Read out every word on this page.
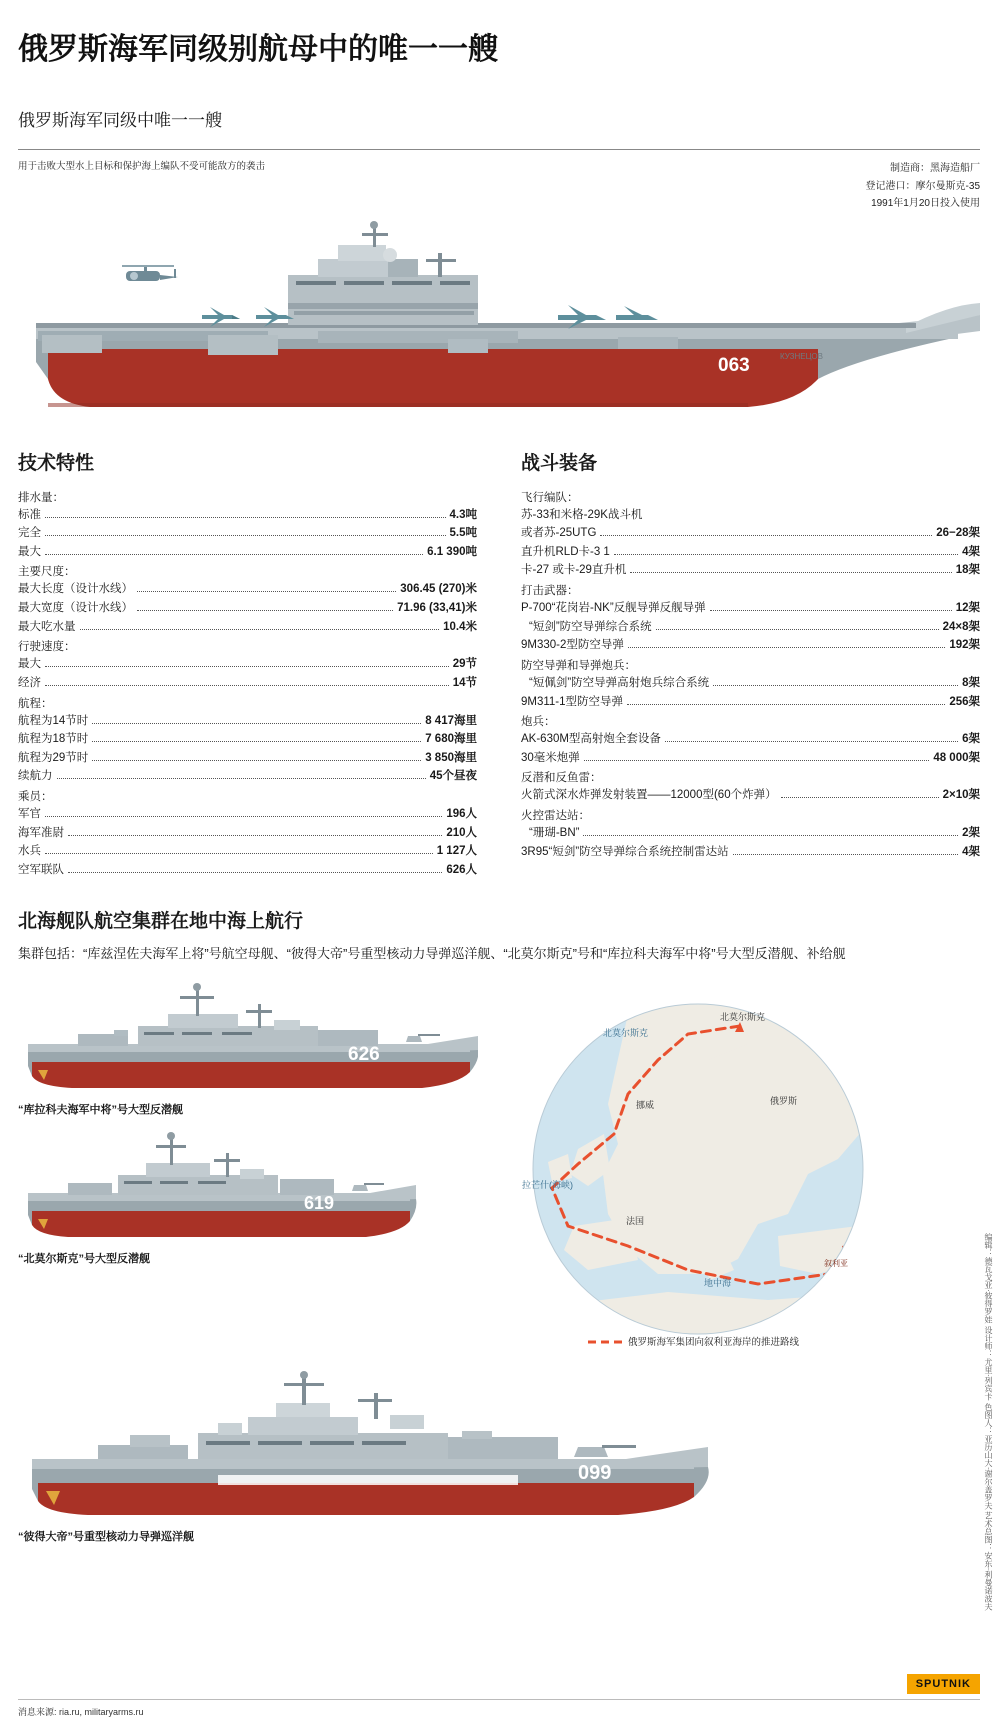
俄罗斯海军同级别航母中的唯一一艘
俄罗斯海军同级中唯一一艘
用于击败大型水上目标和保护海上编队不受可能敌方的袭击	制造商：黑海造船厂
登记港口：摩尔曼斯克-35
1991年1月20日投入使用
063	КУЗНЕЦОВ
技术特性
排水量：
标准	4.3吨
完全	5.5吨
最大	6.1 390吨
主要尺度：
最大长度（设计水线）	306.45 (270)米
最大宽度（设计水线）	71.96 (33,41)米
最大吃水量	10.4米
行驶速度：
最大	29节
经济	14节
航程：
航程为14节时	8 417海里
航程为18节时	7 680海里
航程为29节时	3 850海里
续航力	45个昼夜
乘员：
军官	196人
海军准尉	210人
水兵	1 127人
空军联队	626人
战斗装备
飞行编队：
苏-33和米格-29K战斗机
或者苏-25UTG	26−28架
直升机RLD卡‑3 1	4架
卡-27 或卡-29直升机	18架
打击武器：
P-700“花岗岩-NK”反舰导弹反舰导弹	12架
“短剑”防空导弹综合系统	24×8架
9M330-2型防空导弹	192架
防空导弹和导弹炮兵：
“短佩剑”防空导弹高射炮兵综合系统	8架
9M311-1型防空导弹	256架
炮兵：
AK-630M型高射炮全套设备	6架
30毫米炮弹	48 000架
反潜和反鱼雷：
火箭式深水炸弹发射装置——12000型(60个炸弹）	2×10架
火控雷达站：
“珊瑚-BN”	2架
3R95“短剑”防空导弹综合系统控制雷达站	4架
北海舰队航空集群在地中海上航行
集群包括：“库兹涅佐夫海军上将”号航空母舰、“彼得大帝”号重型核动力导弹巡洋舰、“北莫尔斯克”号和“库拉科夫海军中将”号大型反潜舰、补给舰
626
“库拉科夫海军中将”号大型反潜舰
619
“北莫尔斯克”号大型反潜舰
北莫尔斯克
北莫尔斯克
俄罗斯
挪威
拉芒什(海峡)
法国
地中海
叙利亚
俄罗斯海军集团向叙利亚海岸的推进路线
099
“彼得大帝”号重型核动力导弹巡洋舰	编辑：德瓦戈亚·彼得罗娃 设计师：尤里·列宾卡 色图人：亚历山大·谢尔盖罗夫 艺术总图：安东·利曼诺波夫
SPUTNIK
消息来源: ria.ru, militaryarms.ru
